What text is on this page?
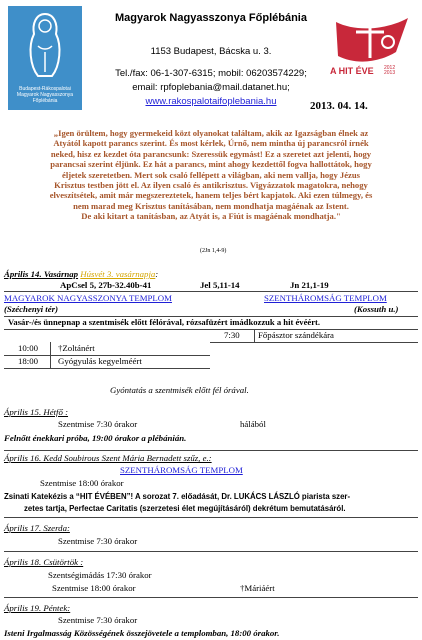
Budapest-Rákospalotai Magyarok Nagyasszonya Főplébánia
Magyarok Nagyasszonya Főplébánia
1153 Budapest, Bácska u. 3.
Tel./fax: 06-1-307-6315; mobil: 06203574229;
email: rpfoplebania@mail.datanet.hu;
www.rakospalotaifoplebania.hu	2013. 04. 14.
A HIT ÉVE 2012 2013
„Igen örültem, hogy gyermekeid közt olyanokat találtam, akik az Igazságban élnek az
Atyától kapott parancs szerint. És most kérlek, Úrnő, nem mintha új parancsról írnék
neked, hisz ez kezdet óta parancsunk: Szeressük egymást! Ez a szeretet azt jelenti, hogy
parancsai szerint éljünk. Ez hát a parancs, mint ahogy kezdettől fogva hallottátok, hogy
éljetek szeretetben. Mert sok csaló fellépett a világban, aki nem vallja, hogy Jézus
Krisztus testben jött el. Az ilyen csaló és antikrisztus. Vigyázzatok magatokra, nehogy
elveszítsétek, amit már megszereztetek, hanem teljes bért kapjatok. Aki ezen túlmegy, és
nem marad meg Krisztus tanításában, nem mondhatja magáénak az Istent.
De aki kitart a tanításban, az Atyát is, a Fiút is magáénak mondhatja."
(2Jn 1,4-9)
Április 14. Vasárnap Húsvét 3. vasárnapja:
ApCsel 5, 27b-32.40b-41	Jel 5,11-14	Jn 21,1-19
MAGYAROK NAGYASSZONYA TEMPLOM
(Széchenyi tér)
SZENTHÁROMSÁG TEMPLOM
(Kossuth u.)
Vasár-/és ünnepnap a szentmisék előtt félórával, rózsafüzért imádkozzuk a hit évéért.
7:30 Főpásztor szándékára
10:00 †Zoltánért
18:00 Gyógyulás kegyelméért
Gyóntatás a szentmisék előtt fél órával.
Április 15. Hétfő :
Szentmise 7:30 órakor	hálából
Felnőtt énekkari próba, 19:00 órakor a plébánián.
Április 16. Kedd Soubirous Szent Mária Bernadett szűz, e.:
SZENTHÁROMSÁG TEMPLOM
Szentmise 18:00 órakor
Zsinati Katekézis a “HIT ÉVÉBEN”! A sorozat 7. előadását, Dr. LUKÁCS LÁSZLÓ piarista szer-
zetes tartja, Perfectae Caritatis (szerzetesi élet megújításáról) dekrétum bemutatásáról.
Április 17. Szerda:
Szentmise 7:30 órakor
Április 18. Csütörtök :
Szentségimádás 17:30 órakor
Szentmise 18:00 órakor	†Máriáért
Április 19. Péntek:
Szentmise 7:30 órakor
Isteni Irgalmasság Közösségének összejövetele a templomban, 18:00 órakor.
